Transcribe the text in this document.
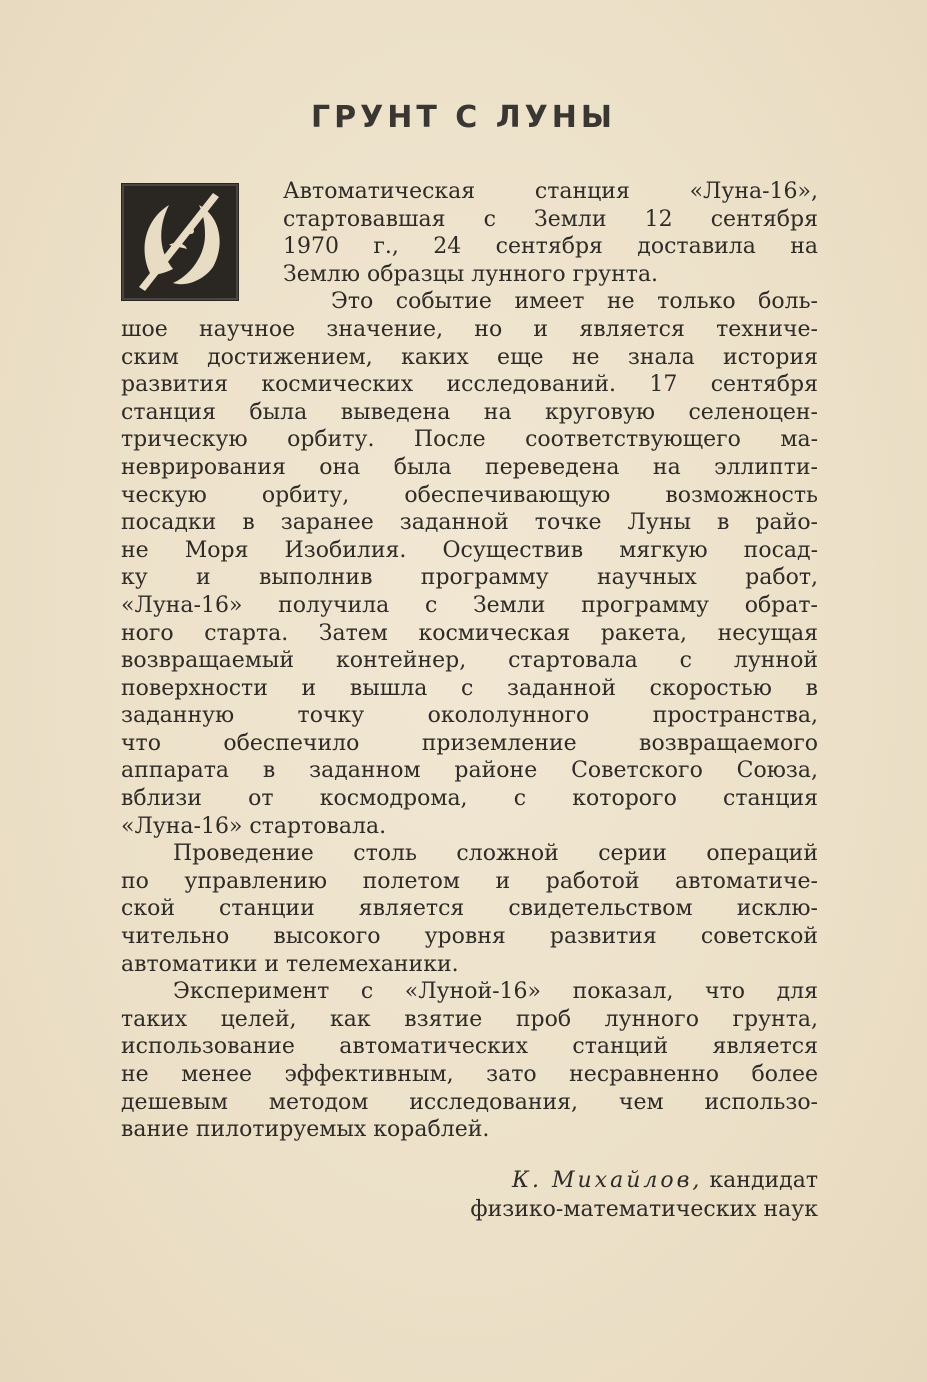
ГРУНТ С ЛУНЫ
Автоматическая станция «Луна-16»,
стартовавшая с Земли 12 сентября
1970 г., 24 сентября доставила на
Землю образцы лунного грунта.
Это событие имеет не только боль-
шое научное значение, но и является техниче-
ским достижением, каких еще не знала история
развития космических исследований. 17 сентября
станция была выведена на круговую селеноцен-
трическую орбиту. После соответствующего ма-
неврирования она была переведена на эллипти-
ческую орбиту, обеспечивающую возможность
посадки в заранее заданной точке Луны в райо-
не Моря Изобилия. Осуществив мягкую посад-
ку и выполнив программу научных работ,
«Луна-16» получила с Земли программу обрат-
ного старта. Затем космическая ракета, несущая
возвращаемый контейнер, стартовала с лунной
поверхности и вышла с заданной скоростью в
заданную точку окололунного пространства,
что обеспечило приземление возвращаемого
аппарата в заданном районе Советского Союза,
вблизи от космодрома, с которого станция
«Луна-16» стартовала.
Проведение столь сложной серии операций
по управлению полетом и работой автоматиче-
ской станции является свидетельством исклю-
чительно высокого уровня развития советской
автоматики и телемеханики.
Эксперимент с «Луной-16» показал, что для
таких целей, как взятие проб лунного грунта,
использование автоматических станций является
не менее эффективным, зато несравненно более
дешевым методом исследования, чем использо-
вание пилотируемых кораблей.
К. Михайлов, кандидат
физико-математических наук
